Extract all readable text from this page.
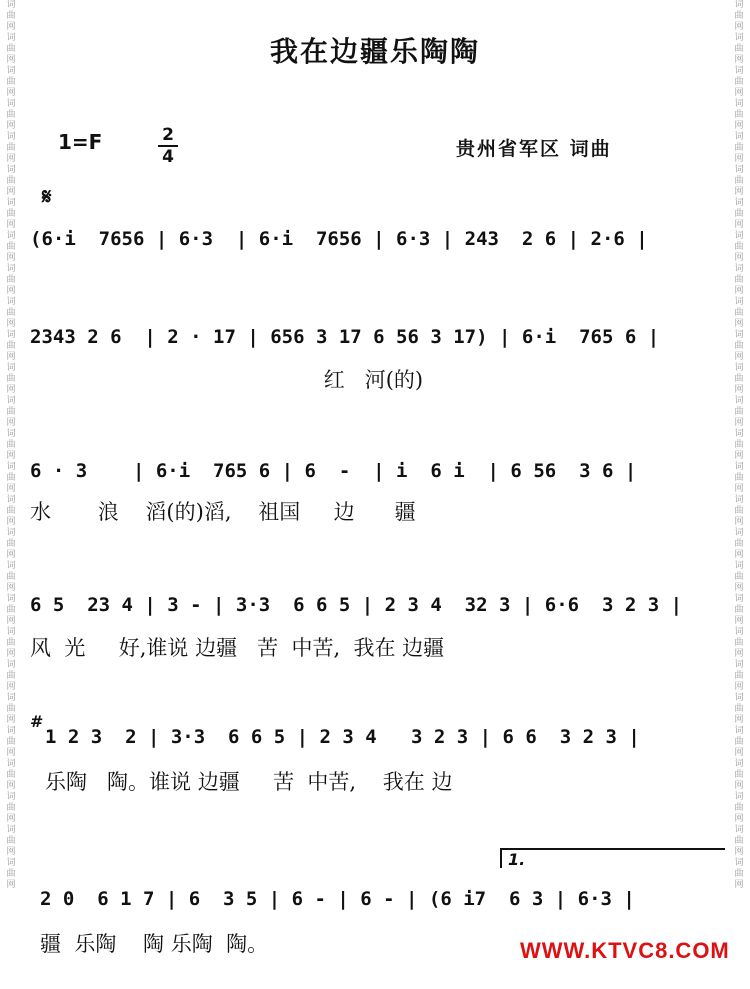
词
曲
网
词
曲
网
词
曲
网
词
曲
网
词
曲
网
词
曲
网
词
曲
网
词
曲
网
词
曲
网
词
曲
网
词
曲
网
词
曲
网
词
曲
网
词
曲
网
词
曲
网
词
曲
网
词
曲
网
词
曲
网
词
曲
网
词
曲
网
词
曲
网
词
曲
网
词
曲
网
词
曲
网
词
曲
网
词
曲
网
词
曲
网
词
曲
网
词
曲
网
词
曲
网
词
曲
网
词
曲
网
词
曲
网
词
曲
网
词
曲
网
词
曲
网
词
曲
网
词
曲
网
词
曲
网
词
曲
网
词
曲
网
词
曲
网
词
曲
网
词
曲
网
词
曲
网
词
曲
网
词
曲
网
词
曲
网
词
曲
网
词
曲
网
词
曲
网
词
曲
网
词
曲
网
词
曲
网
我在边疆乐陶陶
1=F	2
4	贵州省军区 词曲
𝄋
(6·i  7656 | 6·3  | 6·i  7656 | 6·3 | 243  2 6 | 2·6 |
2343 2 6  | 2 · 17 | 656 3 17 6 56 3 17) | 6·i  765 6 |
红   河(的)
6 · 3    | 6·i  765 6 | 6  -  | i  6 i  | 6 56  3 6 |
水       浪    滔(的)滔,    祖国     边      疆
6 5  23 4 | 3 - | 3·3  6 6 5 | 2 3 4  32 3 | 6·6  3 2 3 |
风  光     好,谁说 边疆   苦  中苦,  我在 边疆
#
1 2 3  2 | 3·3  6 6 5 | 2 3 4   3 2 3 | 6 6  3 2 3 |
乐陶   陶。谁说 边疆     苦  中苦,    我在 边
1.
2 0  6 1 7 | 6  3 5 | 6 - | 6 - | (6 i7  6 3 | 6·3 |
疆  乐陶    陶 乐陶  陶。	WWW.KTVC8.COM
